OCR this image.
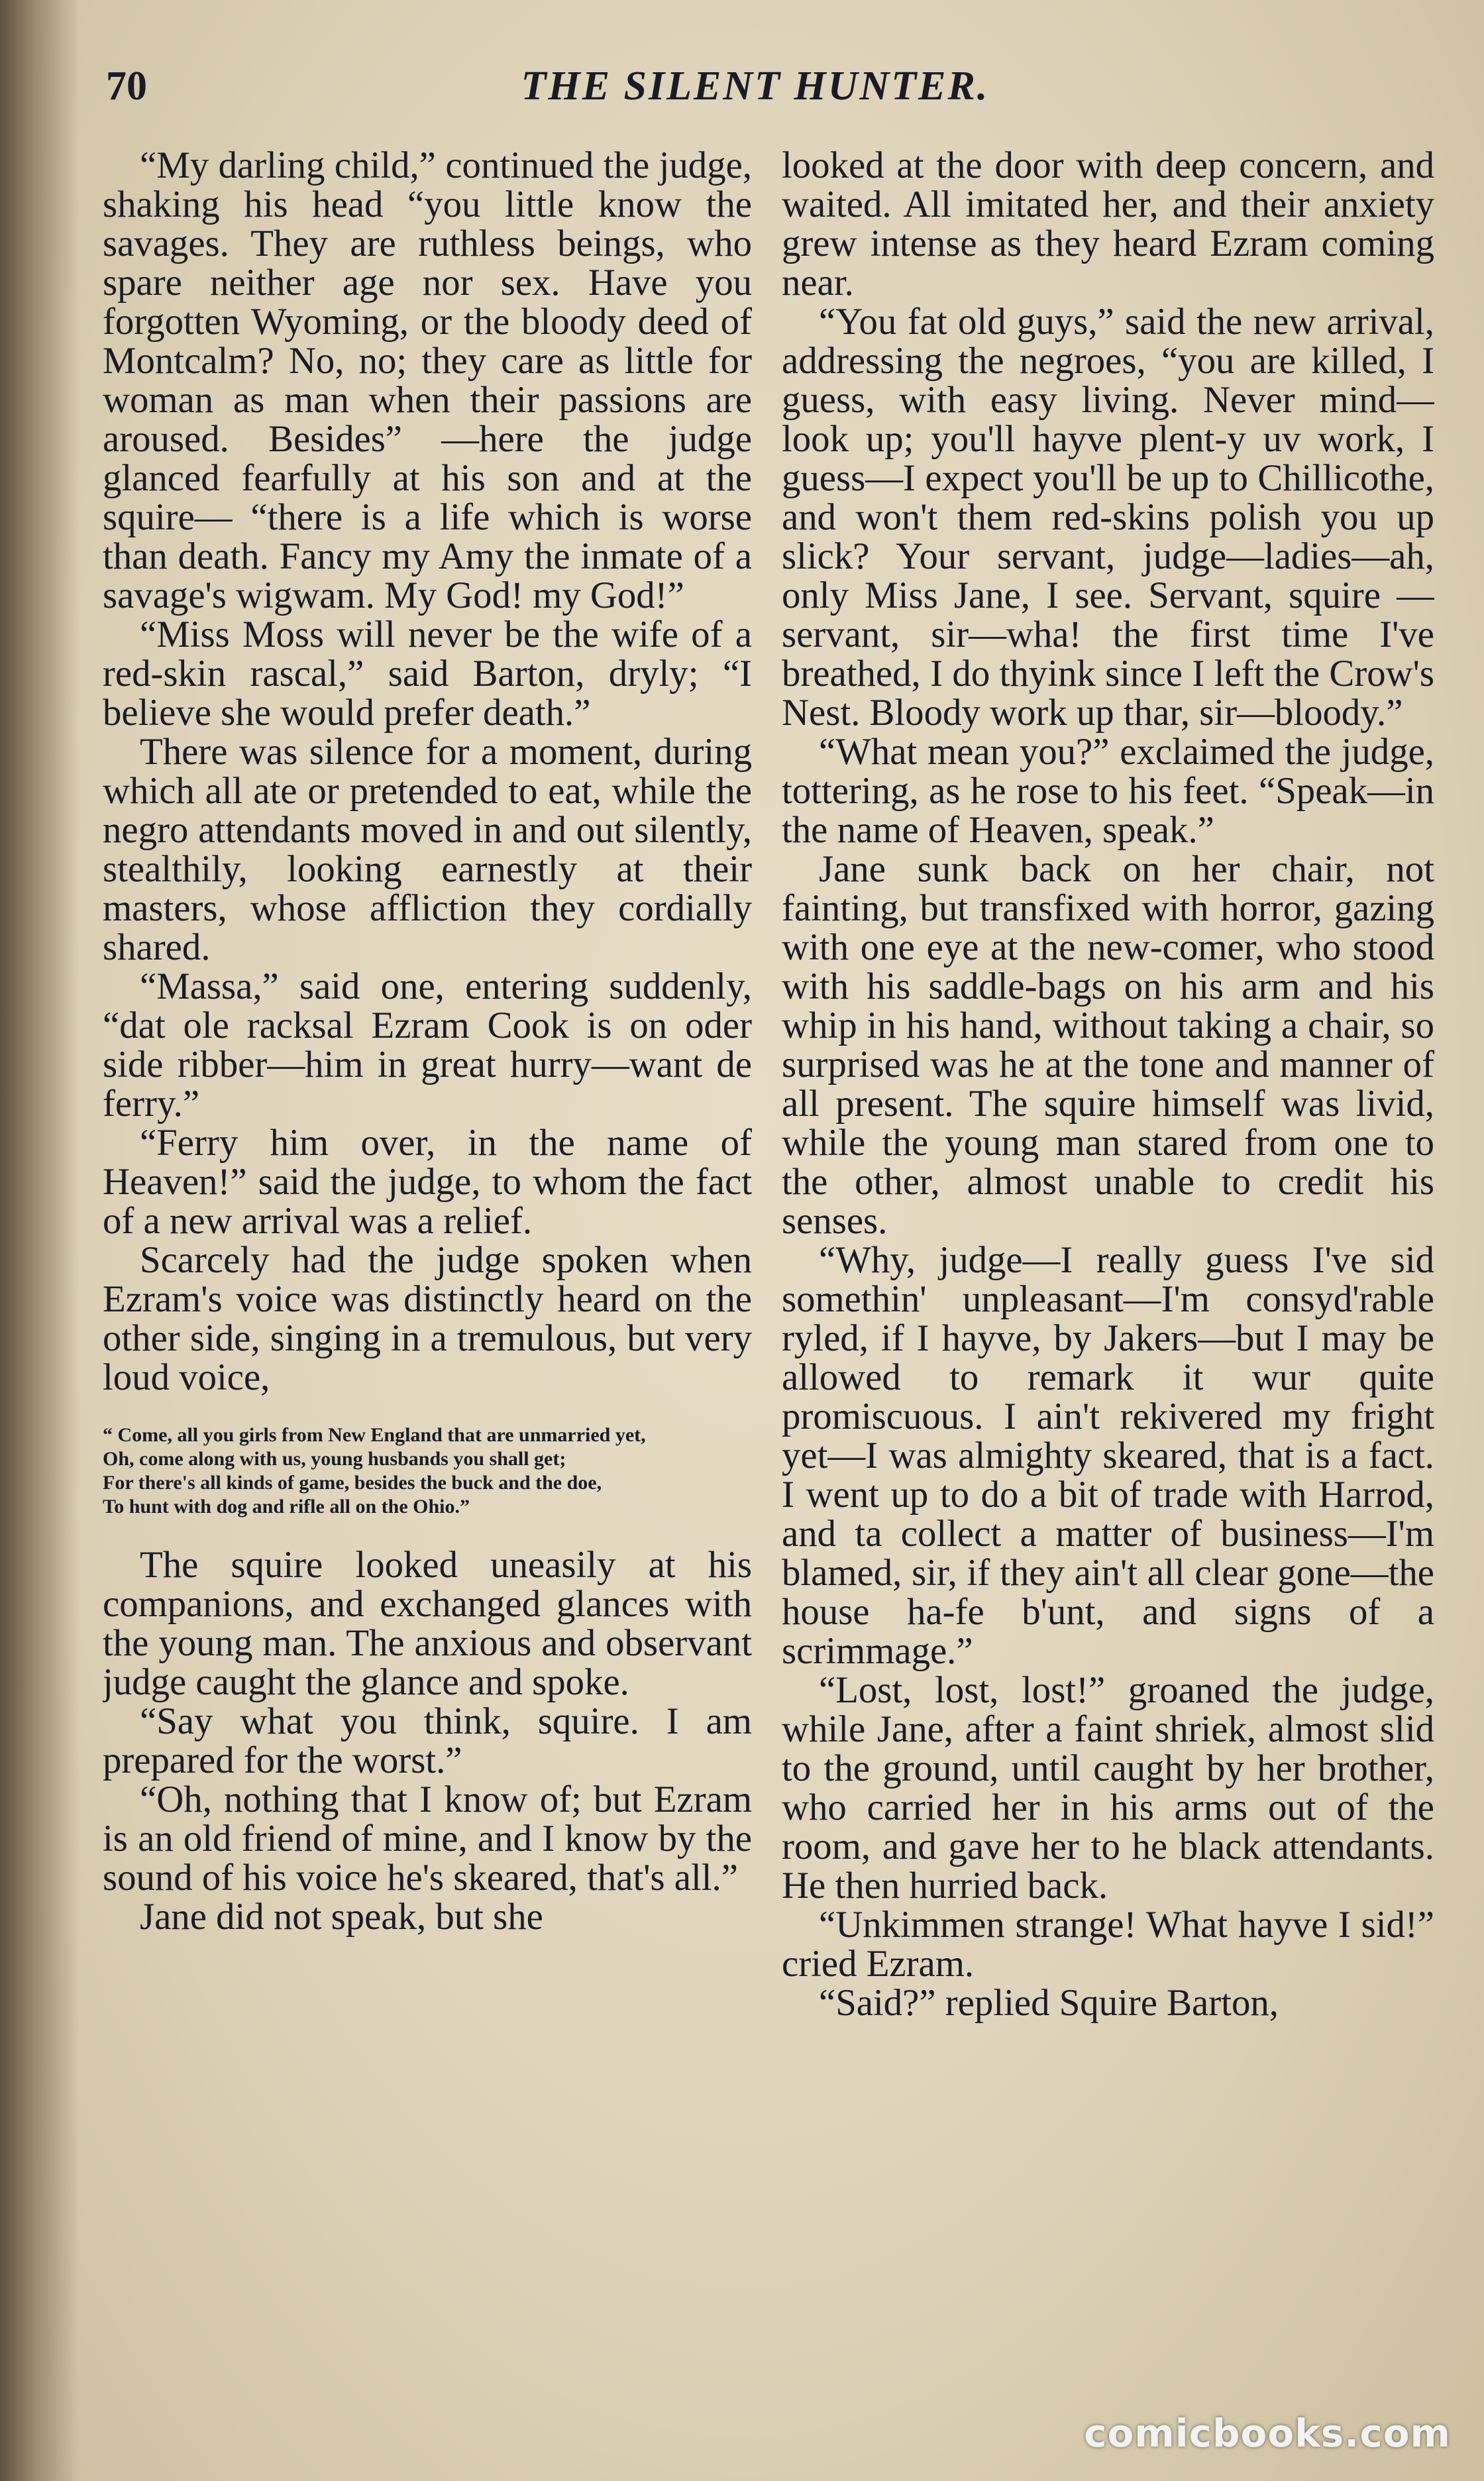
70	THE SILENT HUNTER.

“My darling child,” continued the judge, shaking his head “you little know the savages. They are ruthless beings, who spare neither age nor sex. Have you forgotten Wyoming, or the bloody deed of Montcalm? No, no; they care as little for woman as man when their passions are aroused. Besides” —here the judge glanced fearfully at his son and at the squire— “there is a life which is worse than death. Fancy my Amy the inmate of a savage's wigwam. My God! my God!”

“Miss Moss will never be the wife of a red-skin rascal,” said Barton, dryly; “I believe she would prefer death.”

There was silence for a moment, during which all ate or pretended to eat, while the negro attendants moved in and out silently, stealthily, looking earnestly at their masters, whose affliction they cordially shared.

“Massa,” said one, entering suddenly, “dat ole racksal Ezram Cook is on oder side ribber—him in great hurry—want de ferry.”

“Ferry him over, in the name of Heaven!” said the judge, to whom the fact of a new arrival was a relief.

Scarcely had the judge spoken when Ezram's voice was distinctly heard on the other side, singing in a tremulous, but very loud voice,

“ Come, all you girls from New England that are unmarried yet,
Oh, come along with us, young husbands you shall get;
For there's all kinds of game, besides the buck and the doe,
To hunt with dog and rifle all on the Ohio.”

The squire looked uneasily at his companions, and exchanged glances with the young man. The anxious and observant judge caught the glance and spoke.

“Say what you think, squire. I am prepared for the worst.”

“Oh, nothing that I know of; but Ezram is an old friend of mine, and I know by the sound of his voice he's skeared, that's all.”

Jane did not speak, but she

looked at the door with deep concern, and waited. All imitated her, and their anxiety grew intense as they heard Ezram coming near.

“You fat old guys,” said the new arrival, addressing the negroes, “you are killed, I guess, with easy living. Never mind— look up; you'll hayve plent-y uv work, I guess—I expect you'll be up to Chillicothe, and won't them red-skins polish you up slick? Your servant, judge—ladies—ah, only Miss Jane, I see. Servant, squire —servant, sir—wha! the first time I've breathed, I do thyink since I left the Crow's Nest. Bloody work up thar, sir—bloody.”

“What mean you?” exclaimed the judge, tottering, as he rose to his feet. “Speak—in the name of Heaven, speak.”

Jane sunk back on her chair, not fainting, but transfixed with horror, gazing with one eye at the new-comer, who stood with his saddle-bags on his arm and his whip in his hand, without taking a chair, so surprised was he at the tone and manner of all present. The squire himself was livid, while the young man stared from one to the other, almost unable to credit his senses.

“Why, judge—I really guess I've sid somethin' unpleasant—I'm consyd'rable ryled, if I hayve, by Jakers—but I may be allowed to remark it wur quite promiscuous. I ain't rekivered my fright yet—I was almighty skeared, that is a fact. I went up to do a bit of trade with Harrod, and ta collect a matter of business—I'm blamed, sir, if they ain't all clear gone—the house ha-fe b'unt, and signs of a scrimmage.”

“Lost, lost, lost!” groaned the judge, while Jane, after a faint shriek, almost slid to the ground, until caught by her brother, who carried her in his arms out of the room, and gave her to he black attendants. He then hurried back.

“Unkimmen strange! What hayve I sid!” cried Ezram.

“Said?” replied Squire Barton,

comicbooks.com
